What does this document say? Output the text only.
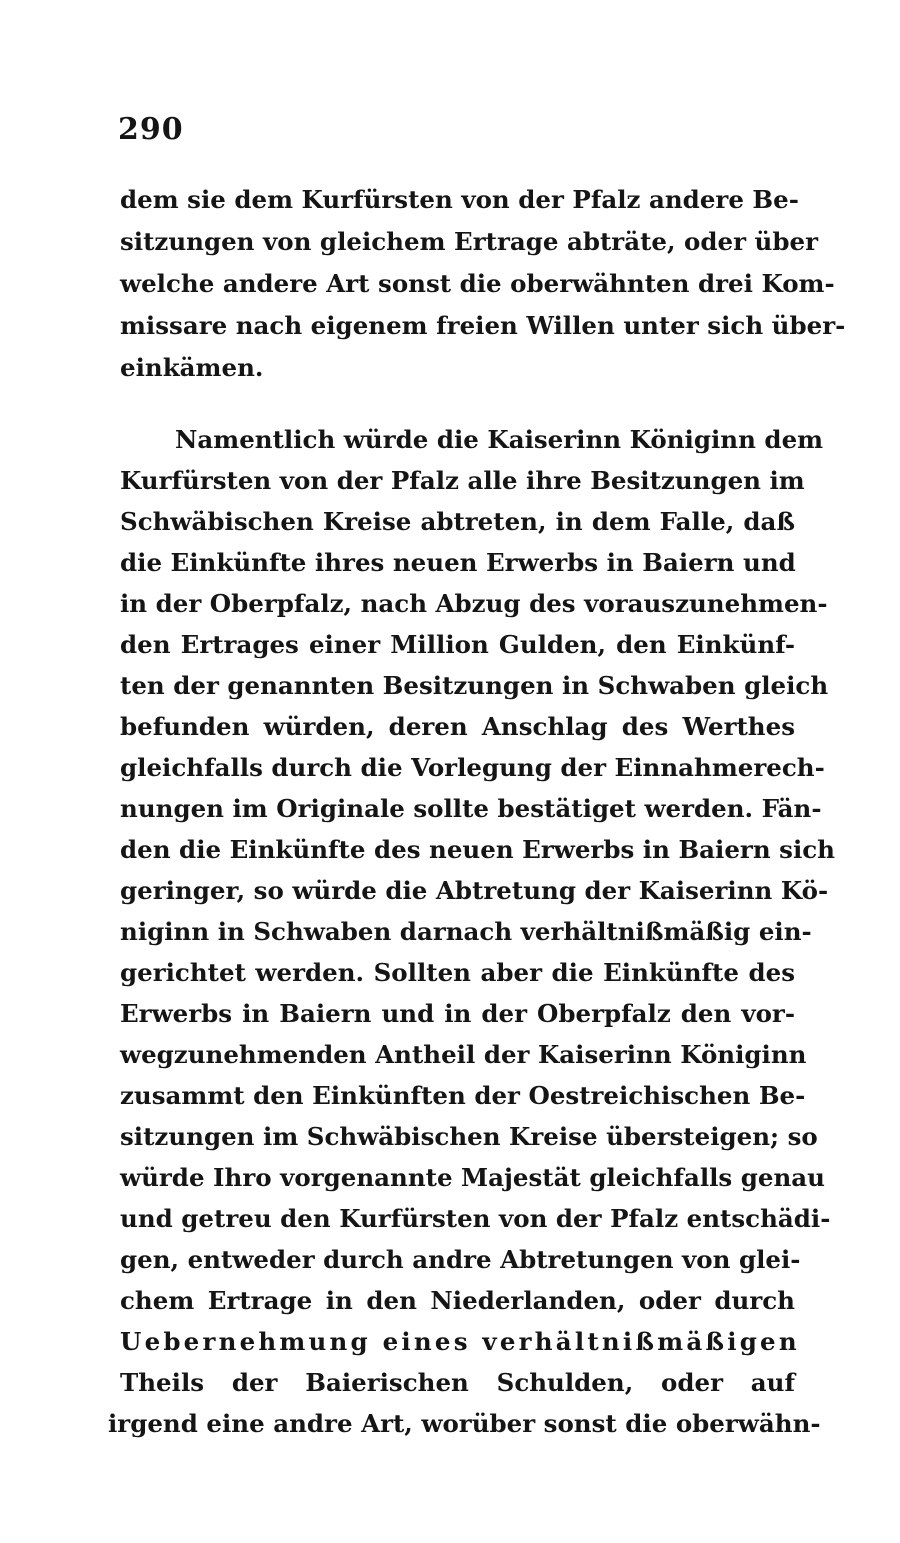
290
dem sie dem Kurfürsten von der Pfalz andere Be-
sitzungen von gleichem Ertrage abträte, oder über
welche andere Art sonst die oberwähnten drei Kom-
missare nach eigenem freien Willen unter sich über-
einkämen.
Namentlich würde die Kaiserinn Königinn dem
Kurfürsten von der Pfalz alle ihre Besitzungen im
Schwäbischen Kreise abtreten, in dem Falle, daß
die Einkünfte ihres neuen Erwerbs in Baiern und
in der Oberpfalz, nach Abzug des vorauszunehmen-
den Ertrages einer Million Gulden, den Einkünf-
ten der genannten Besitzungen in Schwaben gleich
befunden würden, deren Anschlag des Werthes
gleichfalls durch die Vorlegung der Einnahmerech-
nungen im Originale sollte bestätiget werden. Fän-
den die Einkünfte des neuen Erwerbs in Baiern sich
geringer, so würde die Abtretung der Kaiserinn Kö-
niginn in Schwaben darnach verhältnißmäßig ein-
gerichtet werden. Sollten aber die Einkünfte des
Erwerbs in Baiern und in der Oberpfalz den vor-
wegzunehmenden Antheil der Kaiserinn Königinn
zusammt den Einkünften der Oestreichischen Be-
sitzungen im Schwäbischen Kreise übersteigen; so
würde Ihro vorgenannte Majestät gleichfalls genau
und getreu den Kurfürsten von der Pfalz entschädi-
gen, entweder durch andre Abtretungen von glei-
chem Ertrage in den Niederlanden, oder durch
Uebernehmung eines verhältnißmäßigen
Theils der Baierischen Schulden, oder auf
irgend eine andre Art, worüber sonst die oberwähn-
